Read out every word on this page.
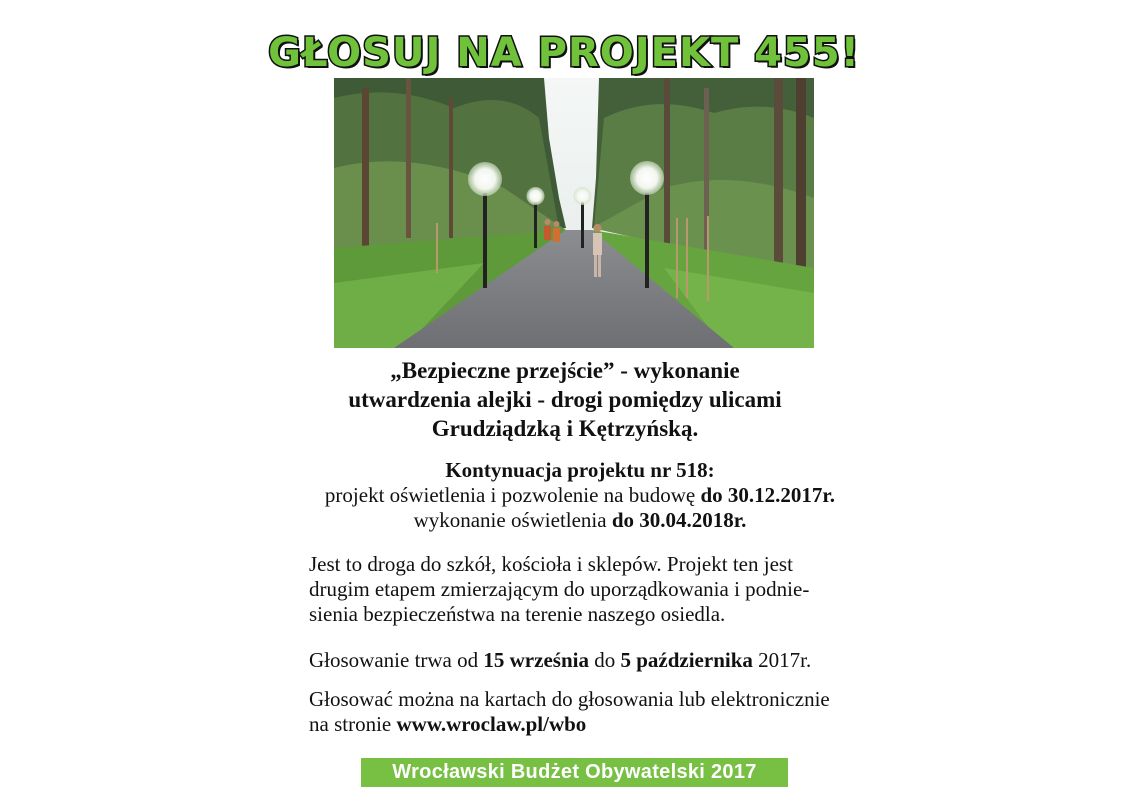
GŁOSUJ NA PROJEKT 455!
„Bezpieczne przejście” - wykonanie
utwardzenia alejki - drogi pomiędzy ulicami
Grudziądzką i Kętrzyńską.
Kontynuacja projektu nr 518:
projekt oświetlenia i pozwolenie na budowę do 30.12.2017r.
wykonanie oświetlenia do 30.04.2018r.
Jest to droga do szkół, kościoła i sklepów. Projekt ten jest
drugim etapem zmierzającym do uporządkowania i podnie-
sienia bezpieczeństwa na terenie naszego osiedla.
Głosowanie trwa od 15 września do 5 października 2017r.
Głosować można na kartach do głosowania lub elektronicznie
na stronie www.wroclaw.pl/wbo
Wrocławski Budżet Obywatelski 2017
